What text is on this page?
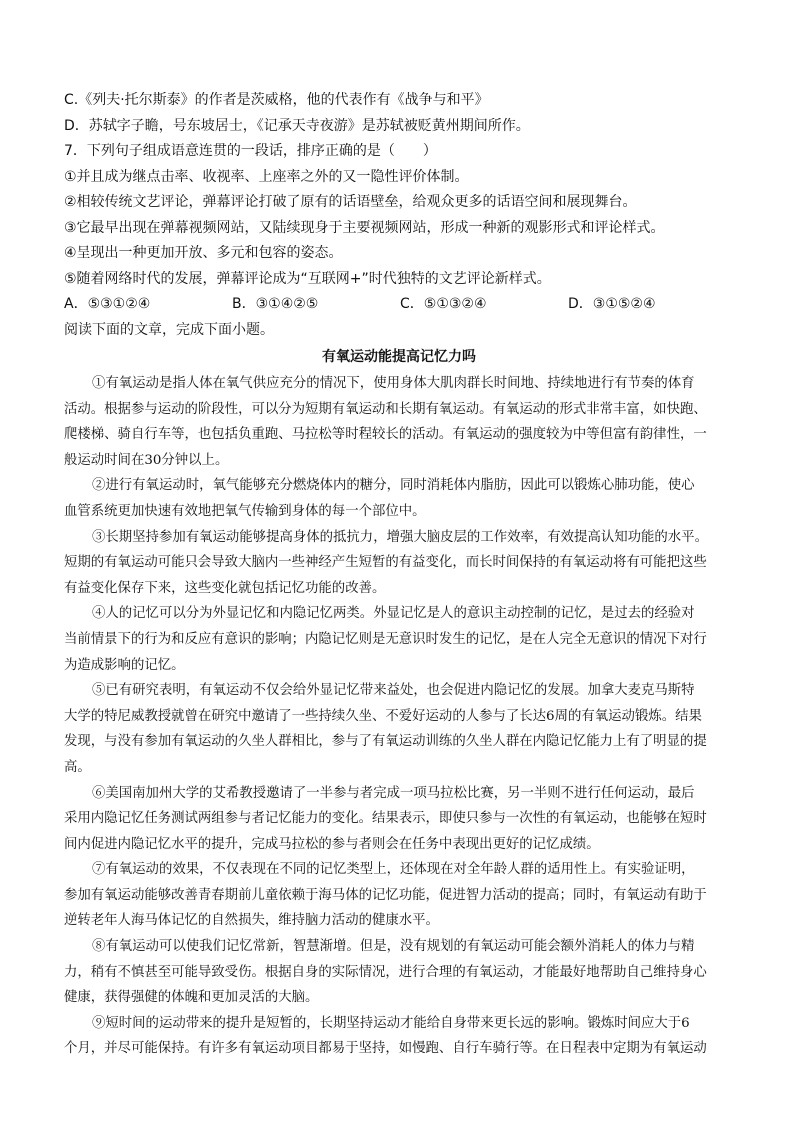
C.《列夫·托尔斯泰》的作者是茨威格，他的代表作有《战争与和平》
D．苏轼字子瞻，号东坡居士，《记承天寺夜游》是苏轼被贬黄州期间所作。
7．下列句子组成语意连贯的一段话，排序正确的是（　　）
①并且成为继点击率、收视率、上座率之外的又一隐性评价体制。
②相较传统文艺评论，弹幕评论打破了原有的话语壁垒，给观众更多的话语空间和展现舞台。
③它最早出现在弹幕视频网站，又陆续现身于主要视频网站，形成一种新的观影形式和评论样式。
④呈现出一种更加开放、多元和包容的姿态。
⑤随着网络时代的发展，弹幕评论成为“互联网+”时代独特的文艺评论新样式。
A．⑤③①②④	B．③①④②⑤	C．⑤①③②④	D．③①⑤②④
阅读下面的文章，完成下面小题。
有氧运动能提高记忆力吗
①有氧运动是指人体在氧气供应充分的情况下，使用身体大肌肉群长时间地、持续地进行有节奏的体育
活动。根据参与运动的阶段性，可以分为短期有氧运动和长期有氧运动。有氧运动的形式非常丰富，如快跑、
爬楼梯、骑自行车等，也包括负重跑、马拉松等时程较长的活动。有氧运动的强度较为中等但富有韵律性，一
般运动时间在30分钟以上。
②进行有氧运动时，氧气能够充分燃烧体内的糖分，同时消耗体内脂肪，因此可以锻炼心肺功能，使心
血管系统更加快速有效地把氧气传输到身体的每一个部位中。
③长期坚持参加有氧运动能够提高身体的抵抗力，增强大脑皮层的工作效率，有效提高认知功能的水平。
短期的有氧运动可能只会导致大脑内一些神经产生短暂的有益变化，而长时间保持的有氧运动将有可能把这些
有益变化保存下来，这些变化就包括记忆功能的改善。
④人的记忆可以分为外显记忆和内隐记忆两类。外显记忆是人的意识主动控制的记忆，是过去的经验对
当前情景下的行为和反应有意识的影响；内隐记忆则是无意识时发生的记忆，是在人完全无意识的情况下对行
为造成影响的记忆。
⑤已有研究表明，有氧运动不仅会给外显记忆带来益处，也会促进内隐记忆的发展。加拿大麦克马斯特
大学的特尼威教授就曾在研究中邀请了一些持续久坐、不爱好运动的人参与了长达6周的有氧运动锻炼。结果
发现，与没有参加有氧运动的久坐人群相比，参与了有氧运动训练的久坐人群在内隐记忆能力上有了明显的提
高。
⑥美国南加州大学的艾希教授邀请了一半参与者完成一项马拉松比赛，另一半则不进行任何运动，最后
采用内隐记忆任务测试两组参与者记忆能力的变化。结果表示，即使只参与一次性的有氧运动，也能够在短时
间内促进内隐记忆水平的提升，完成马拉松的参与者则会在任务中表现出更好的记忆成绩。
⑦有氧运动的效果，不仅表现在不同的记忆类型上，还体现在对全年龄人群的适用性上。有实验证明，
参加有氧运动能够改善青春期前儿童依赖于海马体的记忆功能，促进智力活动的提高；同时，有氧运动有助于
逆转老年人海马体记忆的自然损失，维持脑力活动的健康水平。
⑧有氧运动可以使我们记忆常新，智慧渐增。但是，没有规划的有氧运动可能会额外消耗人的体力与精
力，稍有不慎甚至可能导致受伤。根据自身的实际情况，进行合理的有氧运动，才能最好地帮助自己维持身心
健康，获得强健的体魄和更加灵活的大脑。
⑨短时间的运动带来的提升是短暂的，长期坚持运动才能给自身带来更长远的影响。锻炼时间应大于6
个月，并尽可能保持。有许多有氧运动项目都易于坚持，如慢跑、自行车骑行等。在日程表中定期为有氧运动
